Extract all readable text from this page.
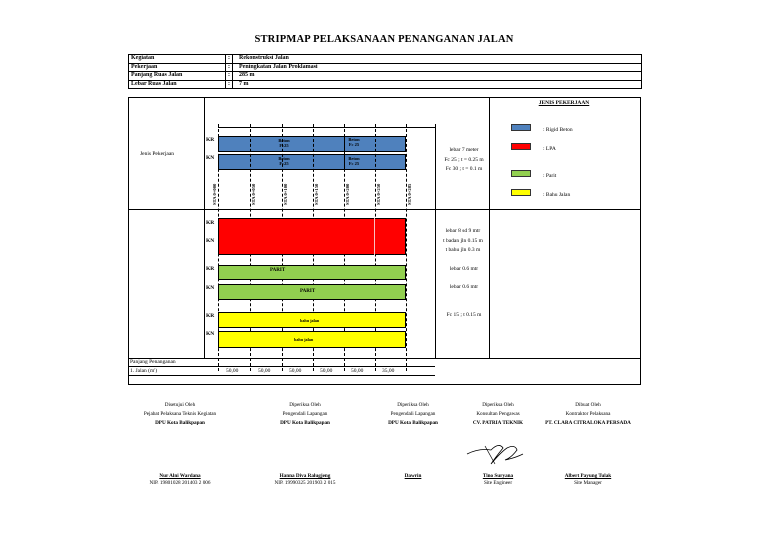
STRIPMAP PELAKSANAAN PENANGANAN JALAN
Kegiatan	:	Rekonstruksi Jalan
Pekerjaan	:	Peningkatan Jalan Proklamasi
Panjang Ruas Jalan	:	285 m
Lebar Ruas Jalan	:	7 m
Jenis Pekerjaan
KR
KN
Beton
Fc25
Beton
Fc 25
Beton
Fc25
Beton
Fc 25
STA 0+000	STA 0+050	STA 0+100	STA 0+150	STA 0+200	STA 0+250	STA 0+285
lebar 7 meter
Fc 25 ; t = 0.25 m
Fc 30 ; t = 0.1 m
KR
KN
lebar 8 sd 9 mtr
t badan jln 0.15 m
t bahu jln 0.3 m
KR
KN
PARIT
PARIT
lebar 0.6 mtr
lebar 0.6 mtr
KR
KN
bahu jalan
bahu jalan
Fc 15 ; t 0.15 m
JENIS PEKERJAAN
: Rigid Beton
: LPA
: Parit
: Bahu Jalan
Panjang Penanganan
1. Jalan (m')	50,00	50,00	50,00	50,00	50,00	35,00
Disetujui Oleh
Pejabat Pelaksana Teknis Kegiatan
DPU Kota Balikpapan
Nur Alni Wardana
NIP. 19801028 201403 2 006
Diperiksa Oleh
Pengendali Lapangan
DPU Kota Balikpapan
Hanna Diva Ralugjeng
NIP. 19990325 201903 2 015
Diperiksa Oleh
Pengendali Lapangan
DPU Kota Balikpapan
Dawrin
Diperiksa Oleh
Konsultan Pengawas
CV. PATRIA TEKNIK
Tino Suryana
Site Engineer
Dibuat Oleh
Kontraktor Pelaksana
PT. CLARA CITRALOKA PERSADA
Albert Payung Tulak
Site Manager
